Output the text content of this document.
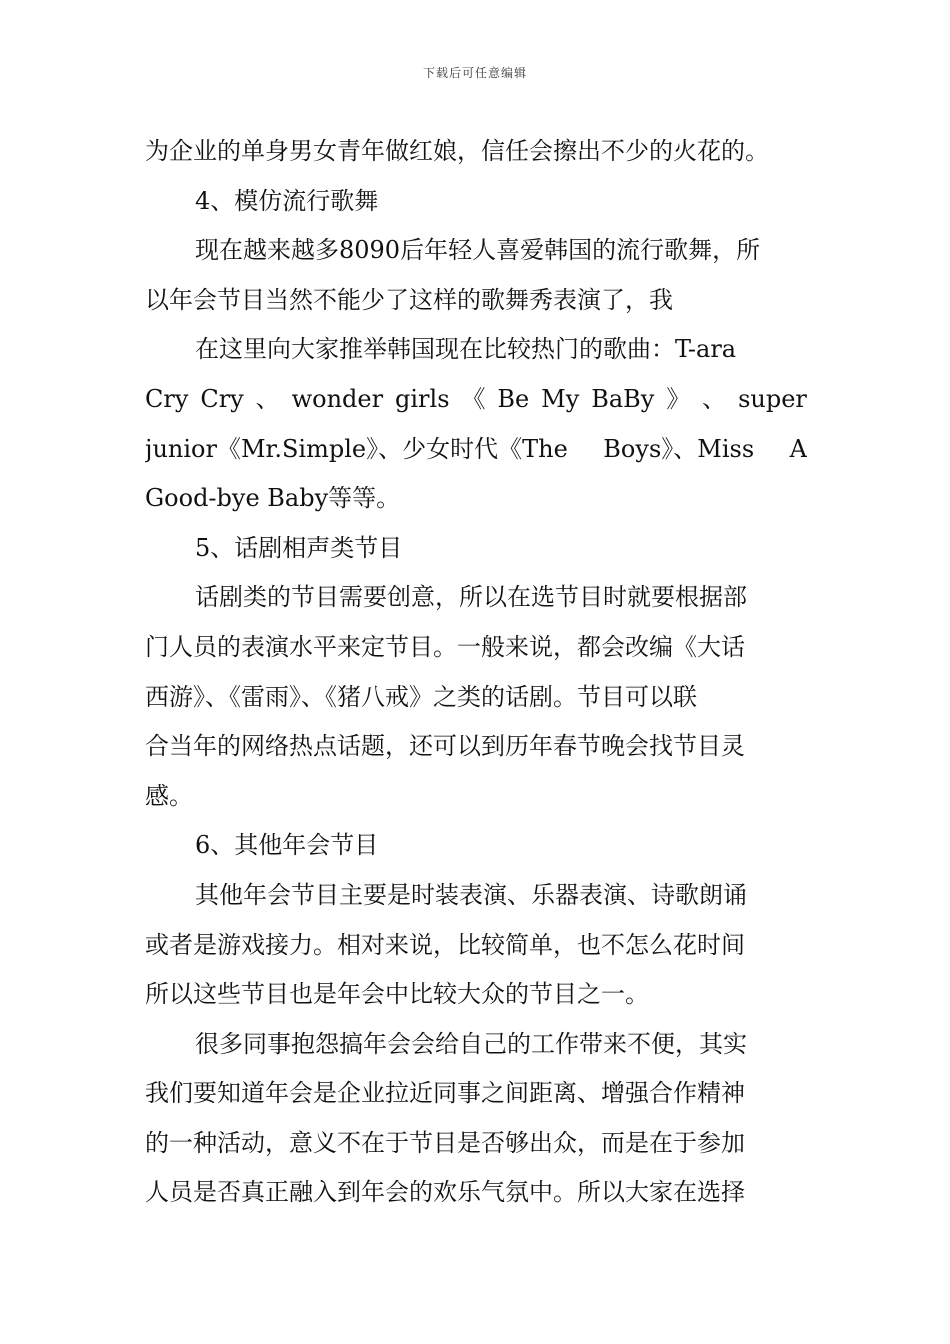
下载后可任意编辑
为企业的单身男女青年做红娘，信任会擦出不少的火花的。
4、模仿流行歌舞
现在越来越多8090后年轻人喜爱韩国的流行歌舞，所
以年会节目当然不能少了这样的歌舞秀表演了，我
在这里向大家推举韩国现在比较热门的歌曲：T-ara
Cry Cry 、 wonder girls 《 Be My BaBy 》 、 super
junior《Mr.Simple》、少女时代《The Boys》、Miss A
Good-bye Baby等等。
5、话剧相声类节目
话剧类的节目需要创意，所以在选节目时就要根据部
门人员的表演水平来定节目。一般来说，都会改编《大话
西游》、《雷雨》、《猪八戒》之类的话剧。节目可以联
合当年的网络热点话题，还可以到历年春节晚会找节目灵
感。
6、其他年会节目
其他年会节目主要是时装表演、乐器表演、诗歌朗诵
或者是游戏接力。相对来说，比较简单，也不怎么花时间
所以这些节目也是年会中比较大众的节目之一。
很多同事抱怨搞年会会给自己的工作带来不便，其实
我们要知道年会是企业拉近同事之间距离、增强合作精神
的一种活动，意义不在于节目是否够出众，而是在于参加
人员是否真正融入到年会的欢乐气氛中。所以大家在选择
